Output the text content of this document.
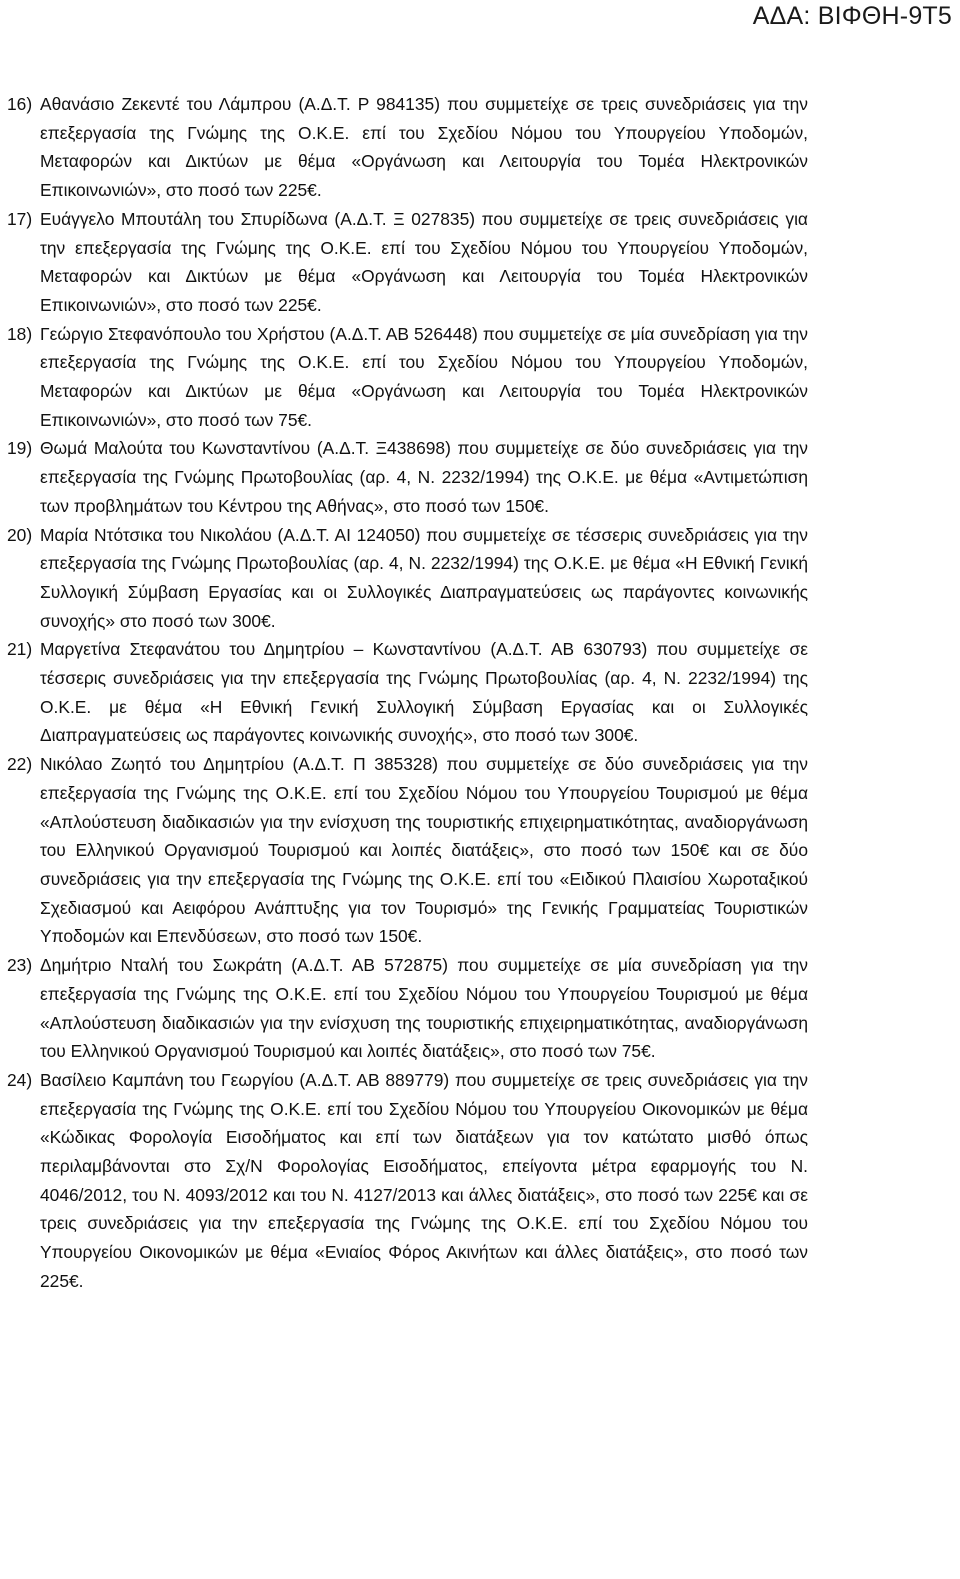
ΑΔΑ: ΒΙΦΘΗ-9Τ5

16) Αθανάσιο Ζεκεντέ του Λάμπρου (Α.Δ.Τ. Ρ 984135) που συμμετείχε σε τρεις συνεδριάσεις για την επεξεργασία της Γνώμης της Ο.Κ.Ε. επί του Σχεδίου Νόμου του Υπουργείου Υποδομών, Μεταφορών και Δικτύων με θέμα «Οργάνωση και Λειτουργία του Τομέα Ηλεκτρονικών Επικοινωνιών», στο ποσό των 225€.

17) Ευάγγελο Μπουτάλη του Σπυρίδωνα (Α.Δ.Τ. Ξ 027835) που συμμετείχε σε τρεις συνεδριάσεις για την επεξεργασία της Γνώμης της Ο.Κ.Ε. επί του Σχεδίου Νόμου του Υπουργείου Υποδομών, Μεταφορών και Δικτύων με θέμα «Οργάνωση και Λειτουργία του Τομέα Ηλεκτρονικών Επικοινωνιών», στο ποσό των 225€.

18) Γεώργιο Στεφανόπουλο του Χρήστου (Α.Δ.Τ. ΑΒ 526448) που συμμετείχε σε μία συνεδρίαση για την επεξεργασία της Γνώμης της Ο.Κ.Ε. επί του Σχεδίου Νόμου του Υπουργείου Υποδομών, Μεταφορών και Δικτύων με θέμα «Οργάνωση και Λειτουργία του Τομέα Ηλεκτρονικών Επικοινωνιών», στο ποσό των 75€.

19) Θωμά Μαλούτα του Κωνσταντίνου (Α.Δ.Τ. Ξ438698) που συμμετείχε σε δύο συνεδριάσεις για την επεξεργασία της Γνώμης Πρωτοβουλίας (αρ. 4, Ν. 2232/1994) της Ο.Κ.Ε. με θέμα «Αντιμετώπιση των προβλημάτων του Κέντρου της Αθήνας», στο ποσό των 150€.

20) Μαρία Ντότσικα του Νικολάου (Α.Δ.Τ. ΑΙ 124050) που συμμετείχε σε τέσσερις συνεδριάσεις για την επεξεργασία της Γνώμης Πρωτοβουλίας (αρ. 4, Ν. 2232/1994) της Ο.Κ.Ε. με θέμα «Η Εθνική Γενική Συλλογική Σύμβαση Εργασίας και οι Συλλογικές Διαπραγματεύσεις ως παράγοντες κοινωνικής συνοχής» στο ποσό των 300€.

21) Μαργετίνα Στεφανάτου του Δημητρίου – Κωνσταντίνου (Α.Δ.Τ. ΑΒ 630793) που συμμετείχε σε τέσσερις συνεδριάσεις για την επεξεργασία της Γνώμης Πρωτοβουλίας (αρ. 4, Ν. 2232/1994) της Ο.Κ.Ε. με θέμα «Η Εθνική Γενική Συλλογική Σύμβαση Εργασίας και οι Συλλογικές Διαπραγματεύσεις ως παράγοντες κοινωνικής συνοχής», στο ποσό των 300€.

22) Νικόλαο Ζωητό του Δημητρίου (Α.Δ.Τ. Π 385328) που συμμετείχε σε δύο συνεδριάσεις για την επεξεργασία της Γνώμης της Ο.Κ.Ε. επί του Σχεδίου Νόμου του Υπουργείου Τουρισμού με θέμα «Απλούστευση διαδικασιών για την ενίσχυση της τουριστικής επιχειρηματικότητας, αναδιοργάνωση του Ελληνικού Οργανισμού Τουρισμού και λοιπές διατάξεις», στο ποσό των 150€ και σε δύο συνεδριάσεις για την επεξεργασία της Γνώμης της Ο.Κ.Ε. επί του «Ειδικού Πλαισίου Χωροταξικού Σχεδιασμού και Αειφόρου Ανάπτυξης για τον Τουρισμό» της Γενικής Γραμματείας Τουριστικών Υποδομών και Επενδύσεων, στο ποσό των 150€.

23) Δημήτριο Νταλή του Σωκράτη (Α.Δ.Τ. ΑΒ 572875) που συμμετείχε σε μία συνεδρίαση για την επεξεργασία της Γνώμης της Ο.Κ.Ε. επί του Σχεδίου Νόμου του Υπουργείου Τουρισμού με θέμα «Απλούστευση διαδικασιών για την ενίσχυση της τουριστικής επιχειρηματικότητας, αναδιοργάνωση του Ελληνικού Οργανισμού Τουρισμού και λοιπές διατάξεις», στο ποσό των 75€.

24) Βασίλειο Καμπάνη του Γεωργίου (Α.Δ.Τ. ΑΒ 889779) που συμμετείχε σε τρεις συνεδριάσεις για την επεξεργασία της Γνώμης της Ο.Κ.Ε. επί του Σχεδίου Νόμου του Υπουργείου Οικονομικών με θέμα «Κώδικας Φορολογία Εισοδήματος και επί των διατάξεων για τον κατώτατο μισθό όπως περιλαμβάνονται στο Σχ/Ν Φορολογίας Εισοδήματος, επείγοντα μέτρα εφαρμογής του Ν. 4046/2012, του Ν. 4093/2012 και του Ν. 4127/2013 και άλλες διατάξεις», στο ποσό των 225€ και σε τρεις συνεδριάσεις για την επεξεργασία της Γνώμης της Ο.Κ.Ε. επί του Σχεδίου Νόμου του Υπουργείου Οικονομικών με θέμα «Ενιαίος Φόρος Ακινήτων και άλλες διατάξεις», στο ποσό των 225€.
